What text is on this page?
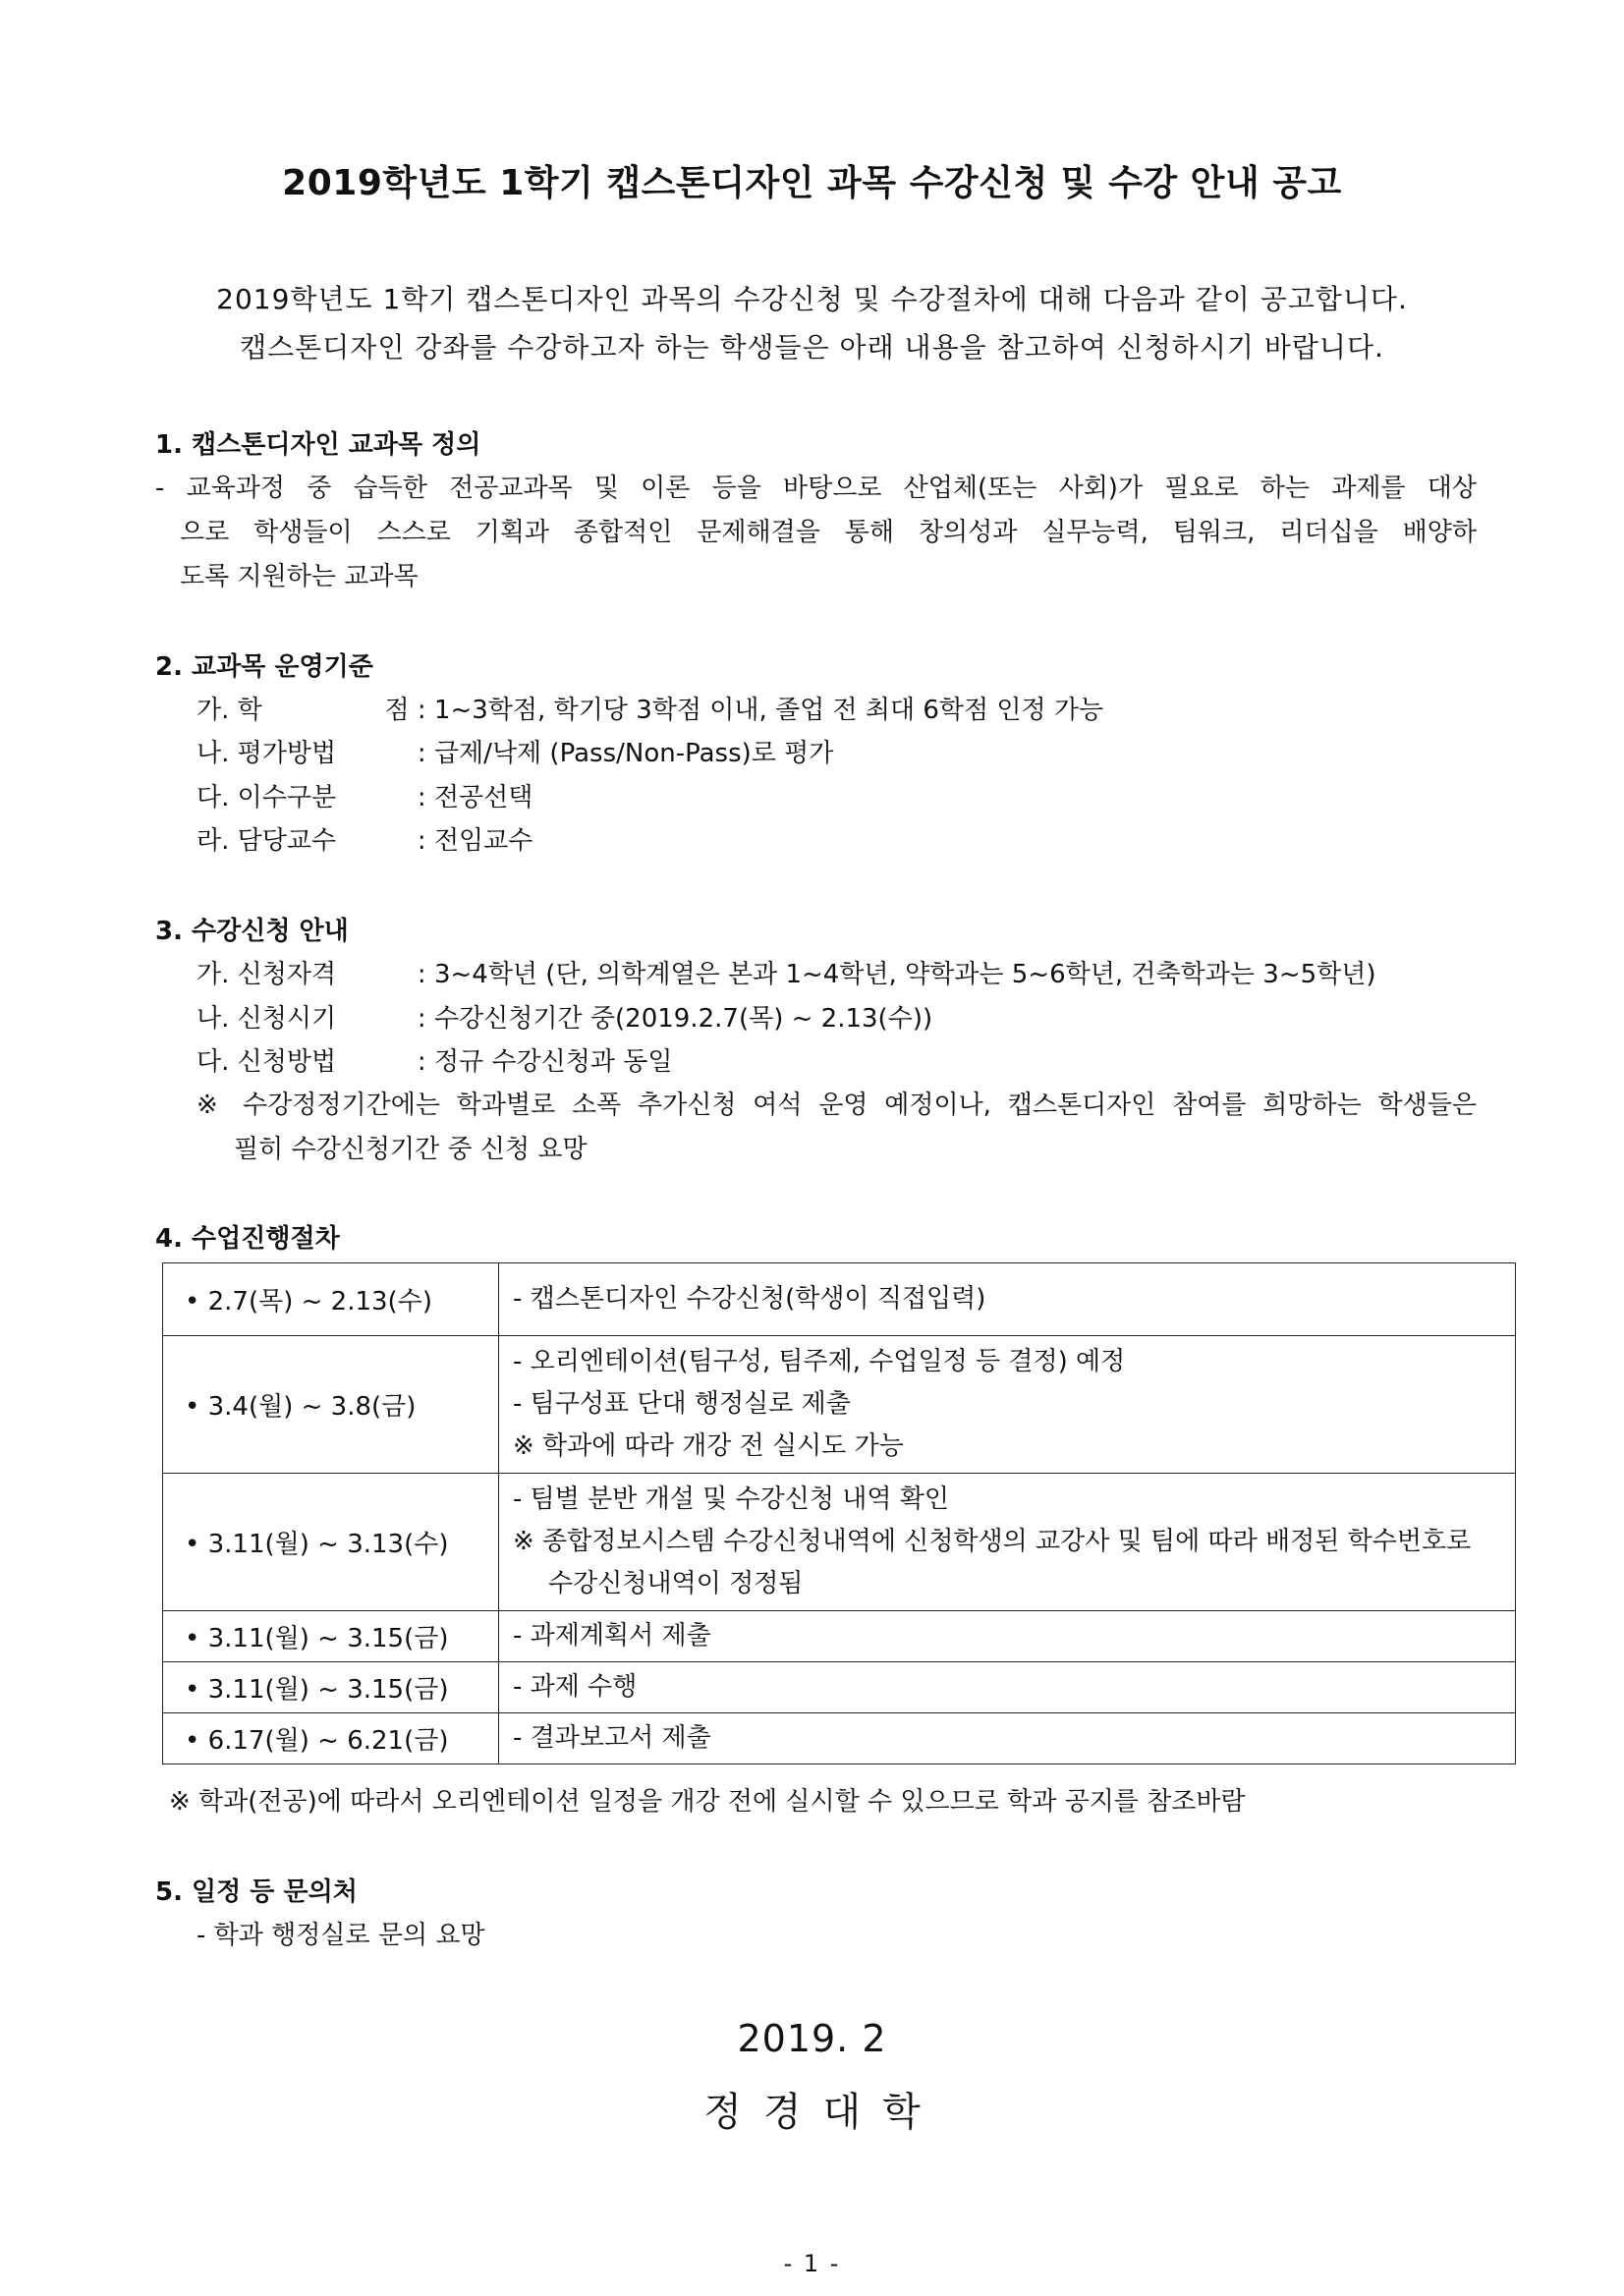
2019학년도 1학기 캡스톤디자인 과목 수강신청 및 수강 안내 공고
2019학년도 1학기 캡스톤디자인 과목의 수강신청 및 수강절차에 대해 다음과 같이 공고합니다.
캡스톤디자인 강좌를 수강하고자 하는 학생들은 아래 내용을 참고하여 신청하시기 바랍니다.
1. 캡스톤디자인 교과목 정의
- 교육과정 중 습득한 전공교과목 및 이론 등을 바탕으로 산업체(또는 사회)가 필요로 하는 과제를 대상
으로 학생들이 스스로 기획과 종합적인 문제해결을 통해 창의성과 실무능력, 팀워크, 리더십을 배양하
도록 지원하는 교과목
2. 교과목 운영기준
가. 학 점 : 1~3학점, 학기당 3학점 이내, 졸업 전 최대 6학점 인정 가능
나. 평가방법	: 급제/낙제 (Pass/Non-Pass)로 평가
다. 이수구분	: 전공선택
라. 담당교수	: 전임교수
3. 수강신청 안내
가. 신청자격	: 3~4학년 (단, 의학계열은 본과 1~4학년, 약학과는 5~6학년, 건축학과는 3~5학년)
나. 신청시기	: 수강신청기간 중(2019.2.7(목) ~ 2.13(수))
다. 신청방법	: 정규 수강신청과 동일
※ 수강정정기간에는 학과별로 소폭 추가신청 여석 운영 예정이나, 캡스톤디자인 참여를 희망하는 학생들은
필히 수강신청기간 중 신청 요망
4. 수업진행절차
• 2.7(목) ~ 2.13(수)	- 캡스톤디자인 수강신청(학생이 직접입력)

• 3.4(월) ~ 3.8(금)	- 오리엔테이션(팀구성, 팀주제, 수업일정 등 결정) 예정
- 팀구성표 단대 행정실로 제출
※ 학과에 따라 개강 전 실시도 가능

• 3.11(월) ~ 3.13(수)	- 팀별 분반 개설 및 수강신청 내역 확인
※ 종합정보시스템 수강신청내역에 신청학생의 교강사 및 팀에 따라 배정된 학수번호로
수강신청내역이 정정됨

• 3.11(월) ~ 3.15(금)	- 과제계획서 제출

• 3.11(월) ~ 3.15(금)	- 과제 수행

• 6.17(월) ~ 6.21(금)	- 결과보고서 제출
※ 학과(전공)에 따라서 오리엔테이션 일정을 개강 전에 실시할 수 있으므로 학과 공지를 참조바람
5. 일정 등 문의처
- 학과 행정실로 문의 요망
2019. 2
정경대학
- 1 -
